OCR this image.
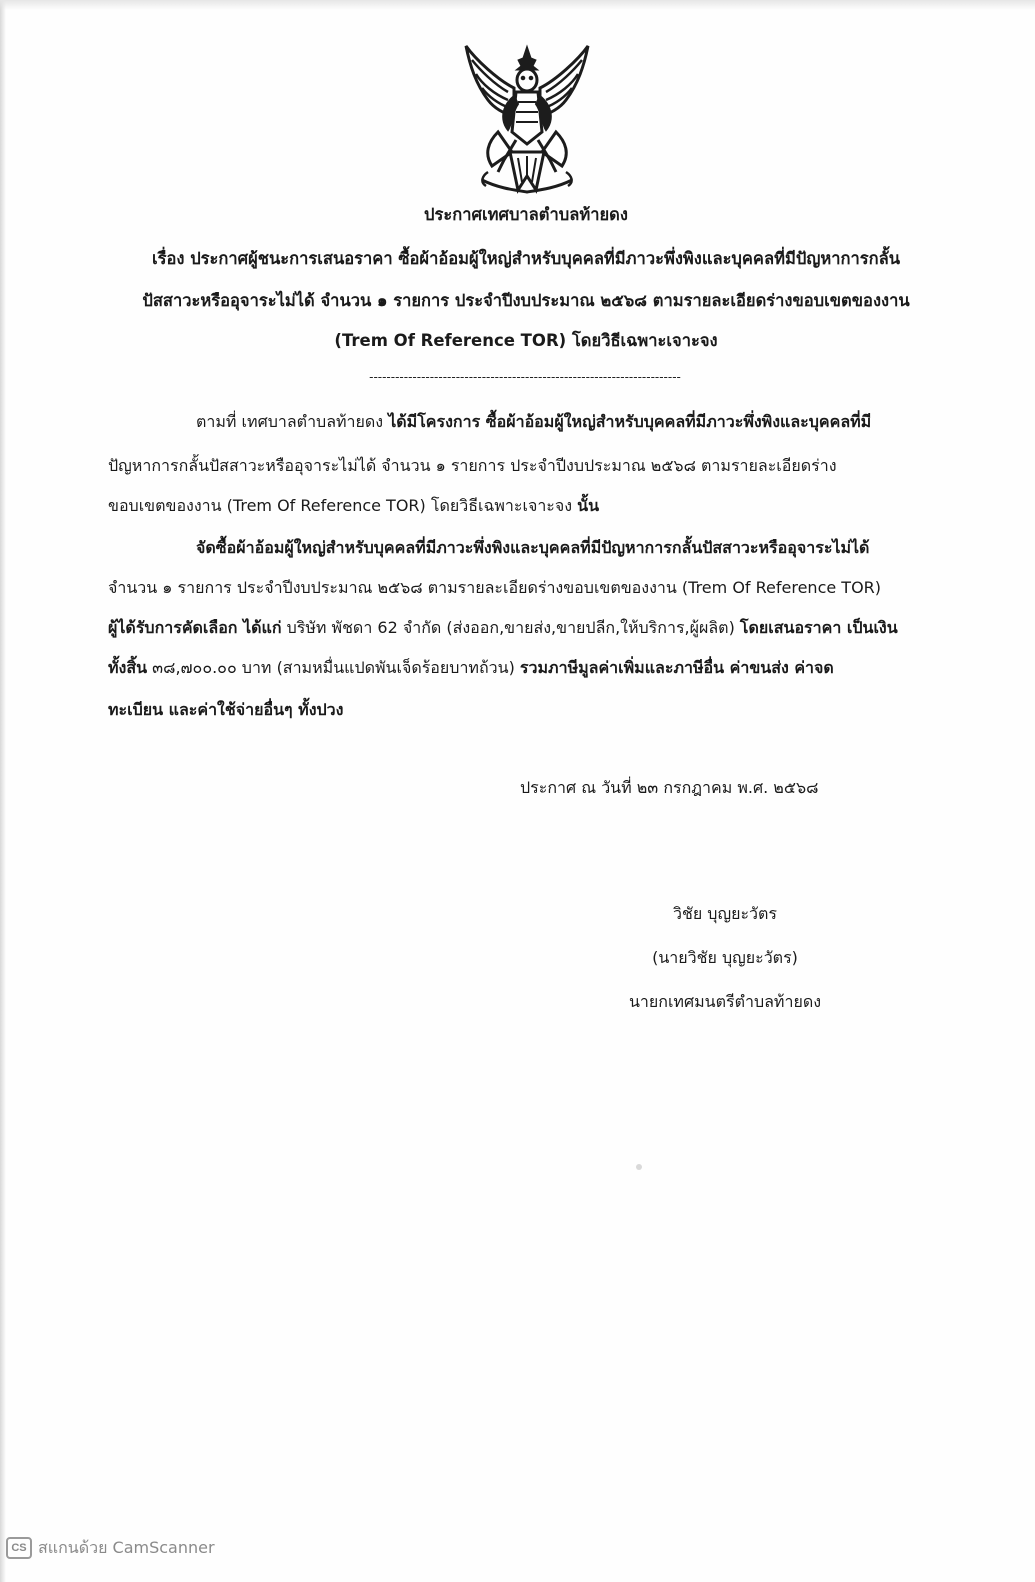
ประกาศเทศบาลตำบลท้ายดง
เรื่อง ประกาศผู้ชนะการเสนอราคา ซื้อผ้าอ้อมผู้ใหญ่สำหรับบุคคลที่มีภาวะพึ่งพิงและบุคคลที่มีปัญหาการกลั้น
ปัสสาวะหรืออุจาระไม่ได้ จำนวน ๑ รายการ ประจำปีงบประมาณ ๒๕๖๘ ตามรายละเอียดร่างขอบเขตของงาน
(Trem Of Reference TOR) โดยวิธีเฉพาะเจาะจง
------------------------------------------------------------------------
ตามที่ เทศบาลตำบลท้ายดง ได้มีโครงการ ซื้อผ้าอ้อมผู้ใหญ่สำหรับบุคคลที่มีภาวะพึ่งพิงและบุคคลที่มี
ปัญหาการกลั้นปัสสาวะหรืออุจาระไม่ได้ จำนวน ๑ รายการ ประจำปีงบประมาณ ๒๕๖๘ ตามรายละเอียดร่าง
ขอบเขตของงาน (Trem Of Reference TOR) โดยวิธีเฉพาะเจาะจง นั้น
จัดซื้อผ้าอ้อมผู้ใหญ่สำหรับบุคคลที่มีภาวะพึ่งพิงและบุคคลที่มีปัญหาการกลั้นปัสสาวะหรืออุจาระไม่ได้
จำนวน ๑ รายการ ประจำปีงบประมาณ ๒๕๖๘ ตามรายละเอียดร่างขอบเขตของงาน (Trem Of Reference TOR)
ผู้ได้รับการคัดเลือก ได้แก่ บริษัท พัชดา 62 จำกัด (ส่งออก,ขายส่ง,ขายปลีก,ให้บริการ,ผู้ผลิต) โดยเสนอราคา เป็นเงิน
ทั้งสิ้น ๓๘,๗๐๐.๐๐ บาท (สามหมื่นแปดพันเจ็ดร้อยบาทถ้วน) รวมภาษีมูลค่าเพิ่มและภาษีอื่น ค่าขนส่ง ค่าจด
ทะเบียน และค่าใช้จ่ายอื่นๆ ทั้งปวง
ประกาศ ณ วันที่ ๒๓ กรกฎาคม พ.ศ. ๒๕๖๘
วิชัย บุญยะวัตร
(นายวิชัย บุญยะวัตร)
นายกเทศมนตรีตำบลท้ายดง
CS สแกนด้วย CamScanner
